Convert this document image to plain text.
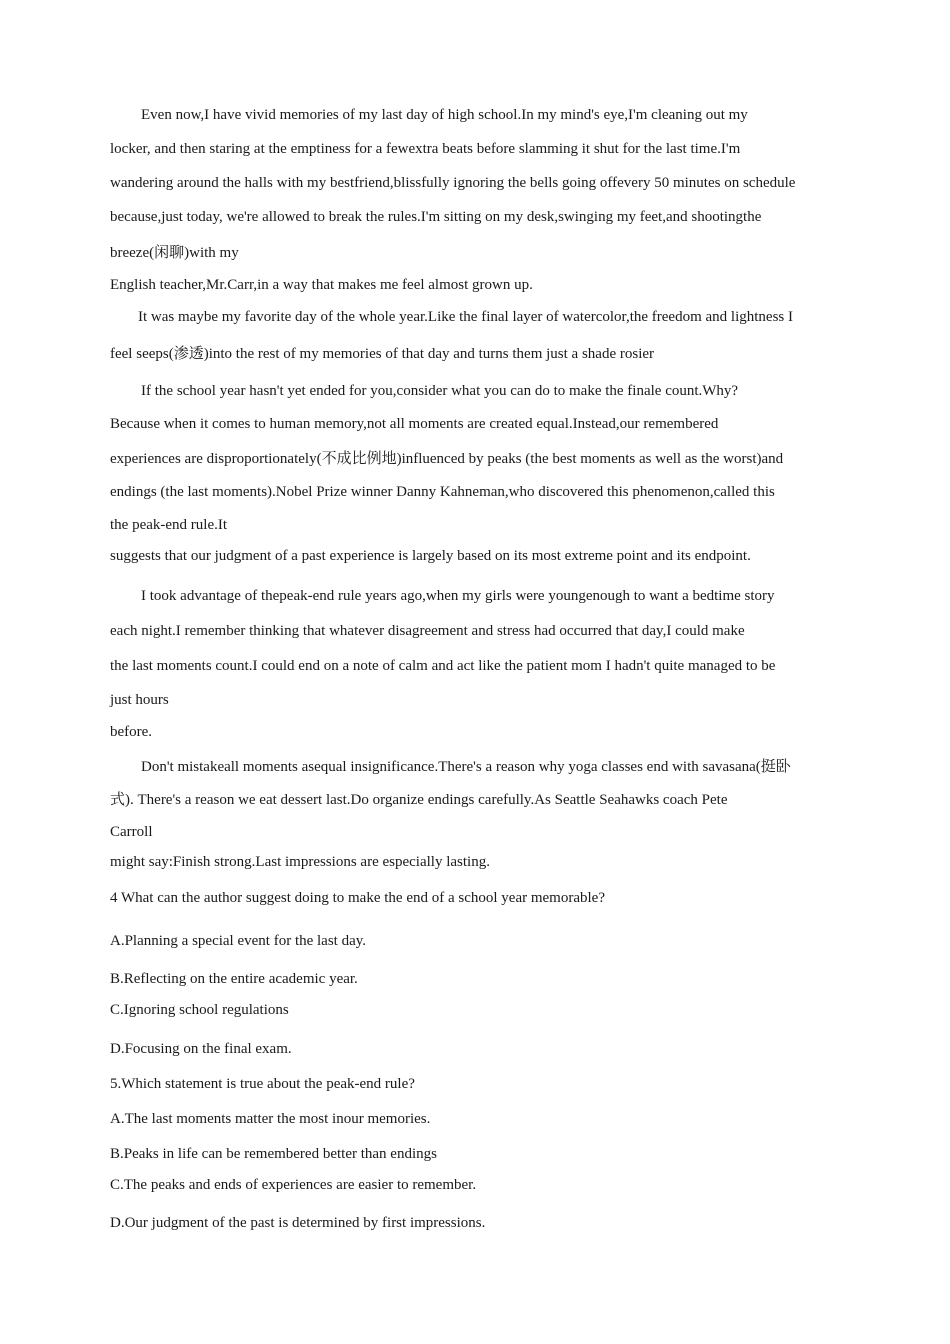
Even now,I have vivid memories of my last day of high school.In my mind's eye,I'm cleaning out my
locker, and then staring at the emptiness for a fewextra beats before slamming it shut for the last time.I'm
wandering around the halls with my bestfriend,blissfully ignoring the bells going offevery 50 minutes on schedule
because,just today, we're allowed to break the rules.I'm sitting on my desk,swinging my feet,and shootingthe
breeze(闲聊)with my
English teacher,Mr.Carr,in a way that makes me feel almost grown up.
It was maybe my favorite day of the whole year.Like the final layer of watercolor,the freedom and lightness I
feel seeps(渗透)into the rest of my memories of that day and turns them just a shade rosier
If the school year hasn't yet ended for you,consider what you can do to make the finale count.Why?
Because when it comes to human memory,not all moments are created equal.Instead,our remembered
experiences are disproportionately(不成比例地)influenced by peaks (the best moments as well as the worst)and
endings (the last moments).Nobel Prize winner Danny Kahneman,who discovered this phenomenon,called this
the peak-end rule.It
suggests that our judgment of a past experience is largely based on its most extreme point and its endpoint.
I took advantage of thepeak-end rule years ago,when my girls were youngenough to want a bedtime story
each night.I remember thinking that whatever disagreement and stress had occurred that day,I could make
the last moments count.I could end on a note of calm and act like the patient mom I hadn't quite managed to be
just hours
before.
Don't mistakeall moments asequal insignificance.There's a reason why yoga classes end with savasana(挺卧
式). There's a reason we eat dessert last.Do organize endings carefully.As Seattle Seahawks coach Pete
Carroll
might say:Finish strong.Last impressions are especially lasting.
4 What can the author suggest doing to make the end of a school year memorable?
A.Planning a special event for the last day.
B.Reflecting on the entire academic year.
C.Ignoring school regulations
D.Focusing on the final exam.
5.Which statement is true about the peak-end rule?
A.The last moments matter the most inour memories.
B.Peaks in life can be remembered better than endings
C.The peaks and ends of experiences are easier to remember.
D.Our judgment of the past is determined by first impressions.
